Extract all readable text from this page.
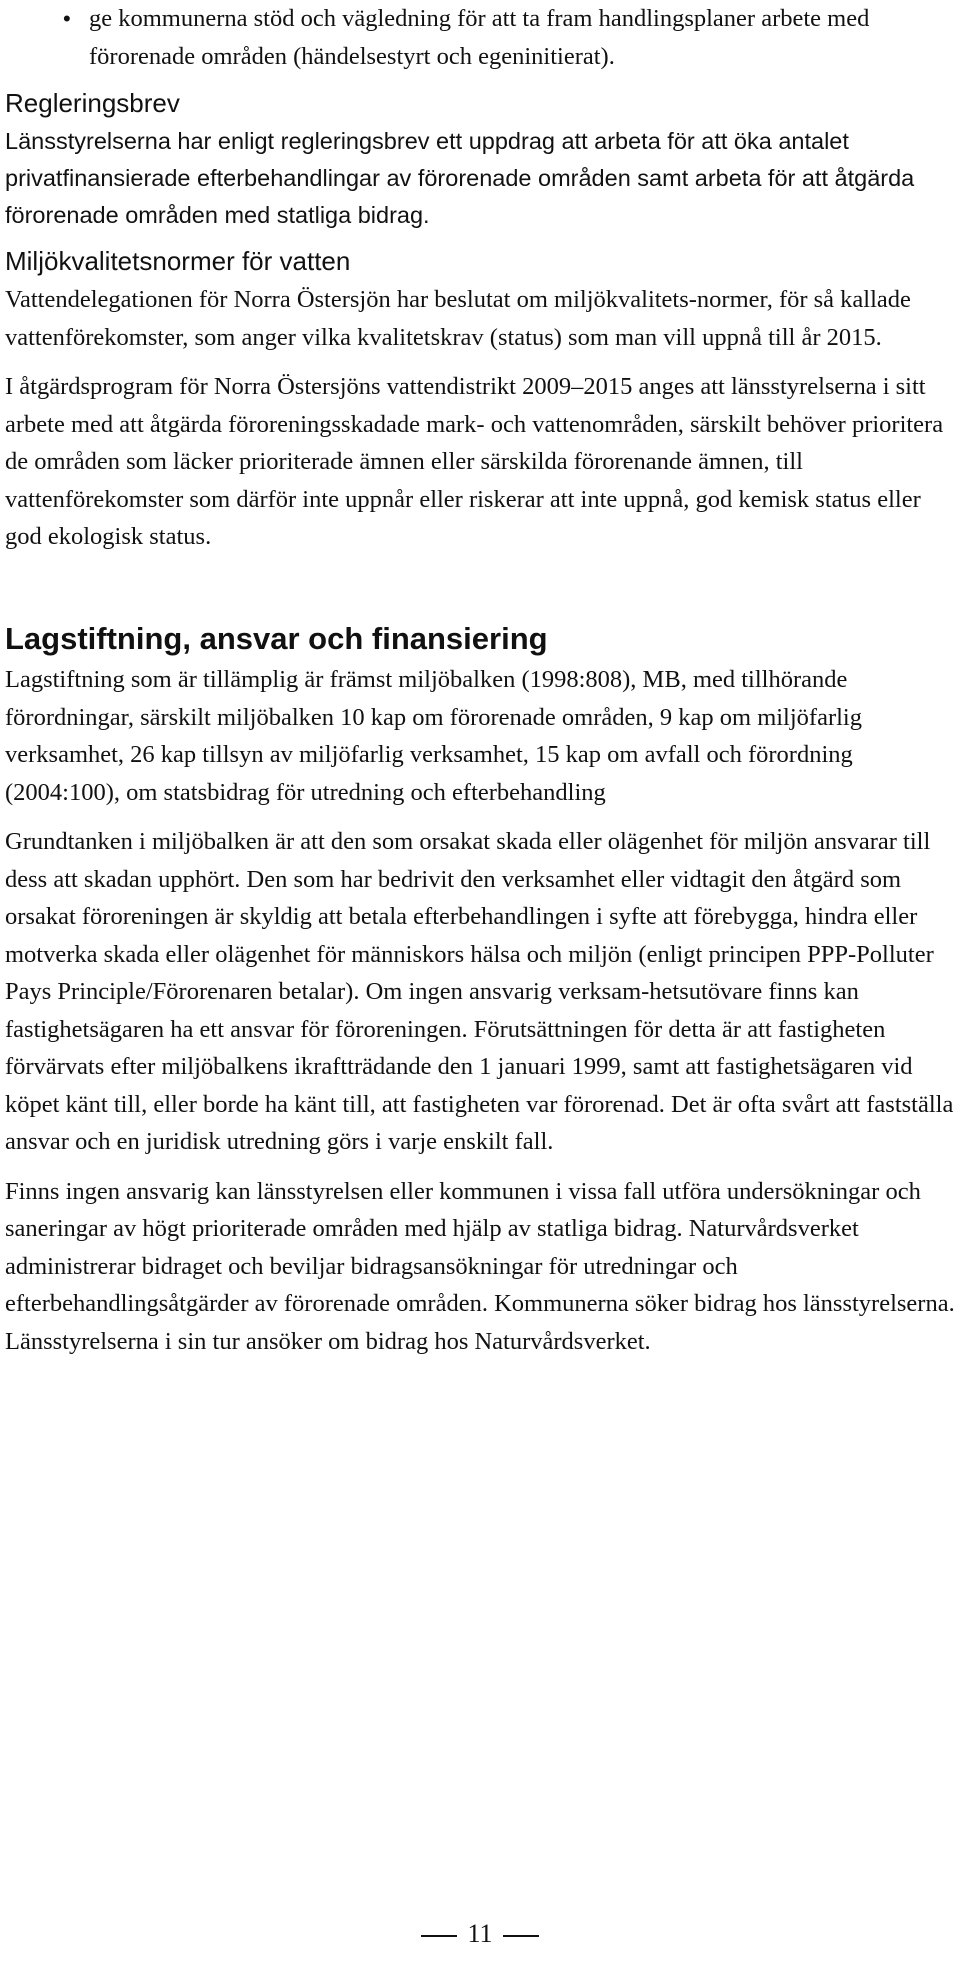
• ge kommunerna stöd och vägledning för att ta fram handlingsplaner arbete med förorenade områden (händelsestyrt och egeninitierat).

Regleringsbrev

Länsstyrelserna har enligt regleringsbrev ett uppdrag att arbeta för att öka antalet privatfinansierade efterbehandlingar av förorenade områden samt arbeta för att åtgärda förorenade områden med statliga bidrag.

Miljökvalitetsnormer för vatten

Vattendelegationen för Norra Östersjön har beslutat om miljökvalitets-normer, för så kallade vattenförekomster, som anger vilka kvalitetskrav (status) som man vill uppnå till år 2015.

I åtgärdsprogram för Norra Östersjöns vattendistrikt 2009–2015 anges att länsstyrelserna i sitt arbete med att åtgärda föroreningsskadade mark- och vattenområden, särskilt behöver prioritera de områden som läcker prioriterade ämnen eller särskilda förorenande ämnen, till vattenförekomster som därför inte uppnår eller riskerar att inte uppnå, god kemisk status eller god ekologisk status.

Lagstiftning, ansvar och finansiering

Lagstiftning som är tillämplig är främst miljöbalken (1998:808), MB, med tillhörande förordningar, särskilt miljöbalken 10 kap om förorenade områden, 9 kap om miljöfarlig verksamhet, 26 kap tillsyn av miljöfarlig verksamhet, 15 kap om avfall och förordning (2004:100), om statsbidrag för utredning och efterbehandling

Grundtanken i miljöbalken är att den som orsakat skada eller olägenhet för miljön ansvarar till dess att skadan upphört. Den som har bedrivit den verksamhet eller vidtagit den åtgärd som orsakat föroreningen är skyldig att betala efterbehandlingen i syfte att förebygga, hindra eller motverka skada eller olägenhet för människors hälsa och miljön (enligt principen PPP-Polluter Pays Principle/Förorenaren betalar). Om ingen ansvarig verksam-hetsutövare finns kan fastighetsägaren ha ett ansvar för föroreningen. Förutsättningen för detta är att fastigheten förvärvats efter miljöbalkens ikraftträdande den 1 januari 1999, samt att fastighetsägaren vid köpet känt till, eller borde ha känt till, att fastigheten var förorenad. Det är ofta svårt att fastställa ansvar och en juridisk utredning görs i varje enskilt fall.

Finns ingen ansvarig kan länsstyrelsen eller kommunen i vissa fall utföra undersökningar och saneringar av högt prioriterade områden med hjälp av statliga bidrag. Naturvårdsverket administrerar bidraget och beviljar bidragsansökningar för utredningar och efterbehandlingsåtgärder av förorenade områden. Kommunerna söker bidrag hos länsstyrelserna. Länsstyrelserna i sin tur ansöker om bidrag hos Naturvårdsverket.

11
